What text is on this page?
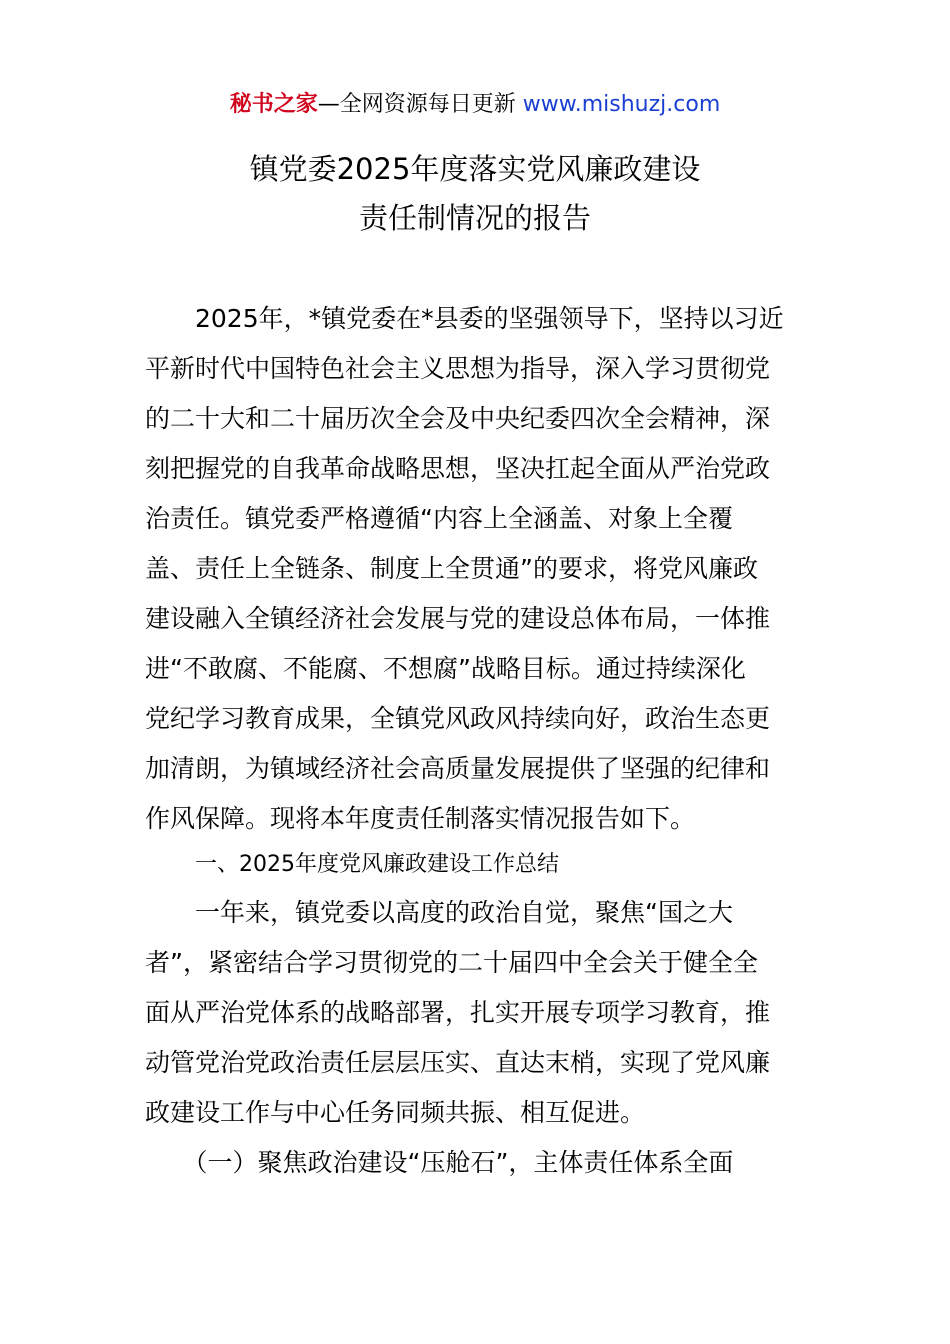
秘书之家—全网资源每日更新 www.mishuzj.com
镇党委2025年度落实党风廉政建设
责任制情况的报告
　　2025年，*镇党委在*县委的坚强领导下，坚持以习近
平新时代中国特色社会主义思想为指导，深入学习贯彻党
的二十大和二十届历次全会及中央纪委四次全会精神，深
刻把握党的自我革命战略思想，坚决扛起全面从严治党政
治责任。镇党委严格遵循“内容上全涵盖、对象上全覆
盖、责任上全链条、制度上全贯通”的要求，将党风廉政
建设融入全镇经济社会发展与党的建设总体布局，一体推
进“不敢腐、不能腐、不想腐”战略目标。通过持续深化
党纪学习教育成果，全镇党风政风持续向好，政治生态更
加清朗，为镇域经济社会高质量发展提供了坚强的纪律和
作风保障。现将本年度责任制落实情况报告如下。
一、2025年度党风廉政建设工作总结
　　一年来，镇党委以高度的政治自觉，聚焦“国之大
者”，紧密结合学习贯彻党的二十届四中全会关于健全全
面从严治党体系的战略部署，扎实开展专项学习教育，推
动管党治党政治责任层层压实、直达末梢，实现了党风廉
政建设工作与中心任务同频共振、相互促进。
　　（一）聚焦政治建设“压舱石”，主体责任体系全面
